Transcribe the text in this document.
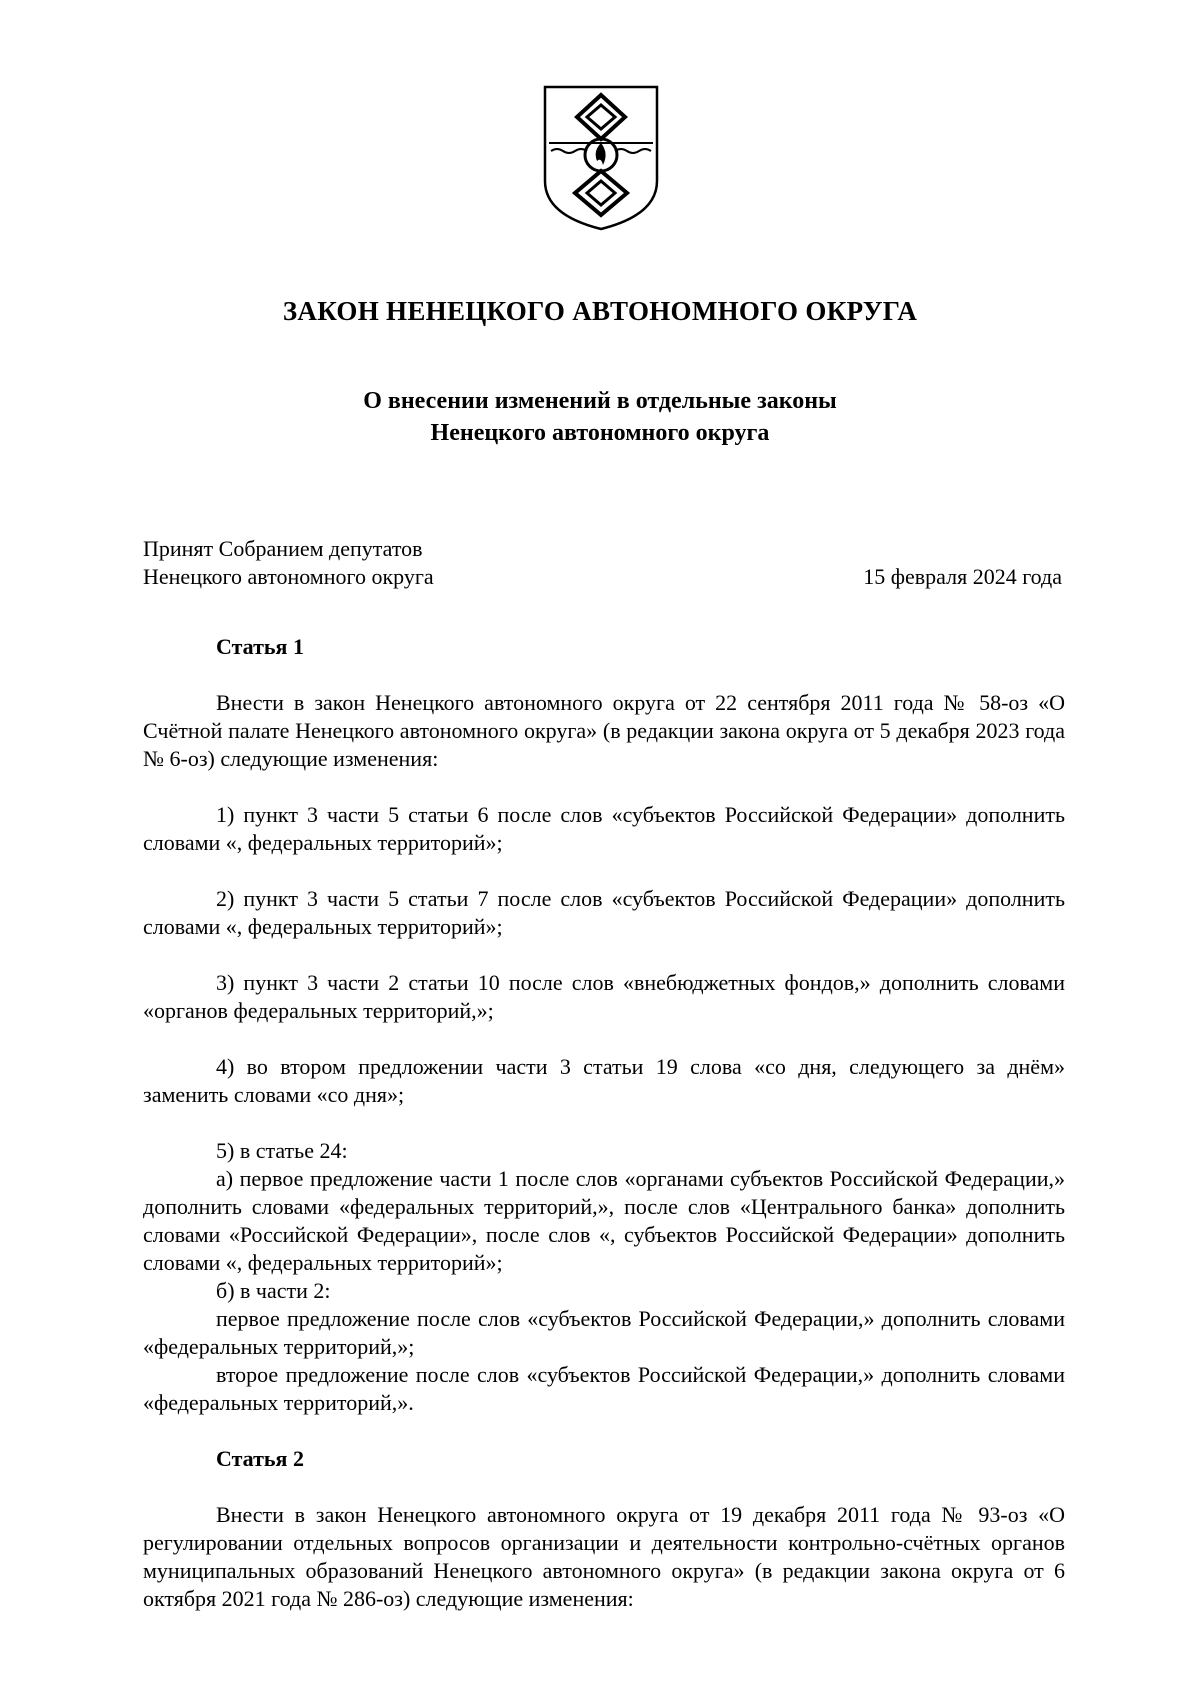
ЗАКОН НЕНЕЦКОГО АВТОНОМНОГО ОКРУГА
О внесении изменений в отдельные законы
Ненецкого автономного округа
Принят Собранием депутатов
Ненецкого автономного округа	15 февраля 2024 года

Статья 1

Внести в закон Ненецкого автономного округа от 22 сентября 2011 года № 58-оз «О Счётной палате Ненецкого автономного округа» (в редакции закона округа от 5 декабря 2023 года № 6-оз) следующие изменения:

1) пункт 3 части 5 статьи 6 после слов «субъектов Российской Федерации» дополнить словами «, федеральных территорий»;

2) пункт 3 части 5 статьи 7 после слов «субъектов Российской Федерации» дополнить словами «, федеральных территорий»;

3) пункт 3 части 2 статьи 10 после слов «внебюджетных фондов,» дополнить словами «органов федеральных территорий,»;

4) во втором предложении части 3 статьи 19 слова «со дня, следующего за днём» заменить словами «со дня»;

5) в статье 24:

а) первое предложение части 1 после слов «органами субъектов Российской Федерации,» дополнить словами «федеральных территорий,», после слов «Центрального банка» дополнить словами «Российской Федерации», после слов «, субъектов Российской Федерации» дополнить словами «, федеральных территорий»;

б) в части 2:

первое предложение после слов «субъектов Российской Федерации,» дополнить словами «федеральных территорий,»;

второе предложение после слов «субъектов Российской Федерации,» дополнить словами «федеральных территорий,».

Статья 2

Внести в закон Ненецкого автономного округа от 19 декабря 2011 года № 93-оз «О регулировании отдельных вопросов организации и деятельности контрольно-счётных органов муниципальных образований Ненецкого автономного округа» (в редакции закона округа от 6 октября 2021 года № 286-оз) следующие изменения:
